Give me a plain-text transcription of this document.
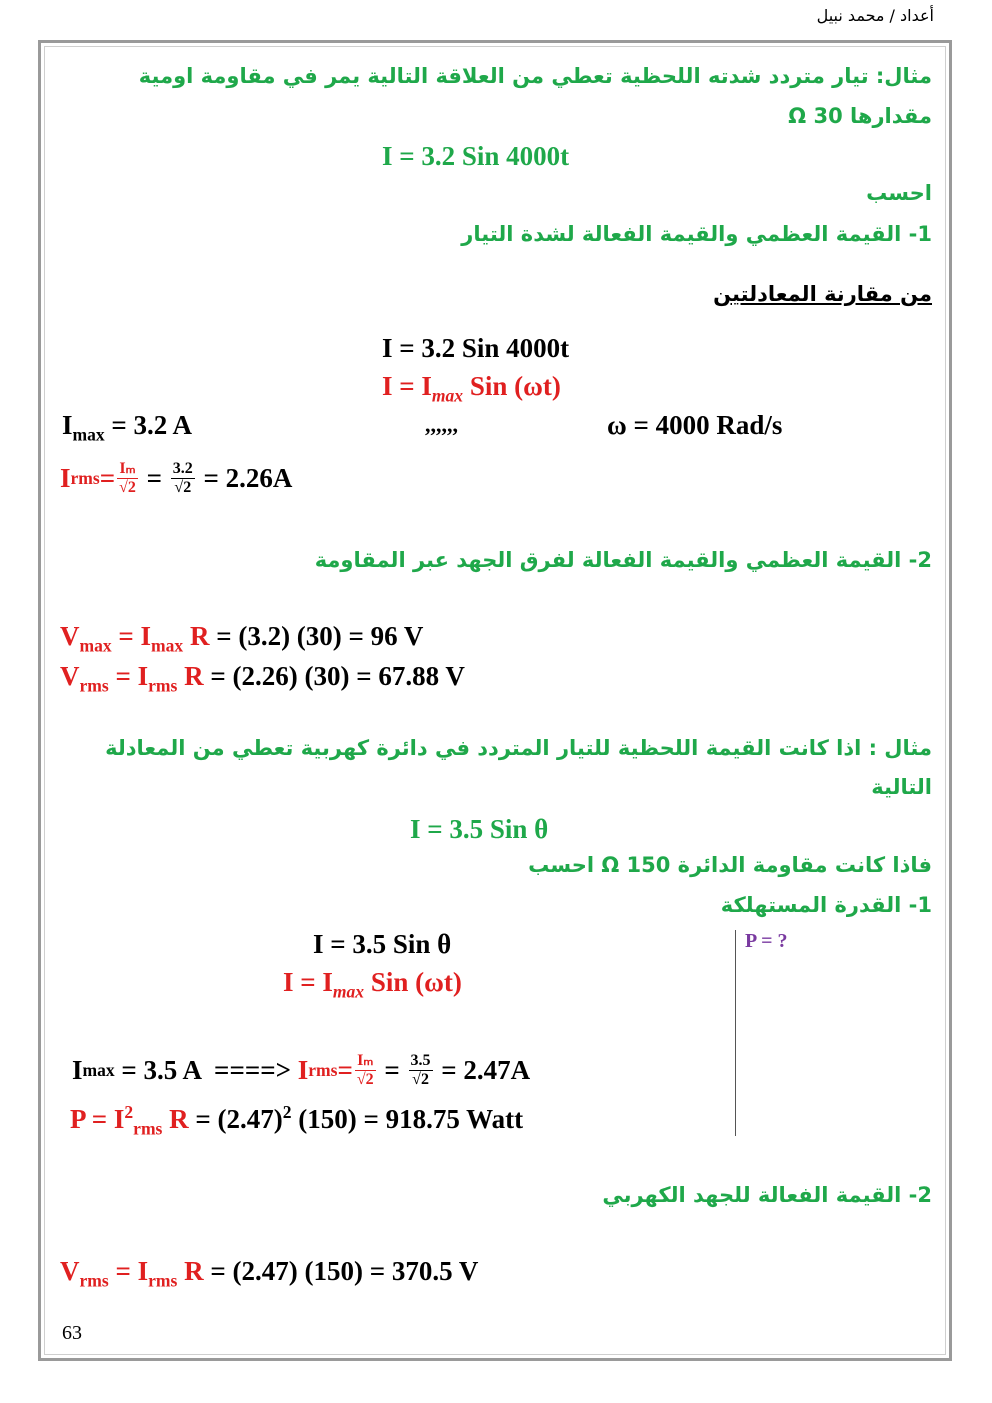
أعداد / محمد نبيل
مثال: تيار متردد شدته اللحظية تعطي من العلاقة التالية يمر في مقاومة اومية
مقدارها 30 Ω
I = 3.2 Sin 4000t
احسب
1- القيمة العظمي والقيمة الفعالة لشدة التيار
من مقارنة المعادلتين
I = 3.2 Sin 4000t
$I = I_{max}$ Sin (ωt)
$I_{max} = 3.2$ A	,,,,,,	ω = 4000 Rad/s
I rms = $\frac{\text{Iₘ}}{√2} = \frac{3.2}{√2}$
= 2.26A
2- القيمة العظمي والقيمة الفعالة لفرق الجهد عبر المقاومة
$V_{max} = I_{max}$ R = (3.2) (30) = 96 V
$V_{rms} = I_{rms}$ R = (2.26) (30) = 67.88 V
مثال : اذا كانت القيمة اللحظية للتيار المتردد في دائرة كهربية تعطي من المعادلة
التالية
I = 3.5 Sin θ
فاذا كانت مقاومة الدائرة 150 Ω احسب
1- القدرة المستهلكة
P = ?
I = 3.5 Sin θ
$I = I_{max}$ Sin (ωt)
I max = 3.5 A  ====> I rms = $\frac{\text{Iₘ}}{√2} = \frac{3.5}{√2}$
= 2.47A
$P = I^2_{rms}$ $R = (2.47)^2$ (150) = 918.75 Watt
2- القيمة الفعالة للجهد الكهربي
$V_{rms} = I_{rms}$ R = (2.47) (150) = 370.5 V
63
